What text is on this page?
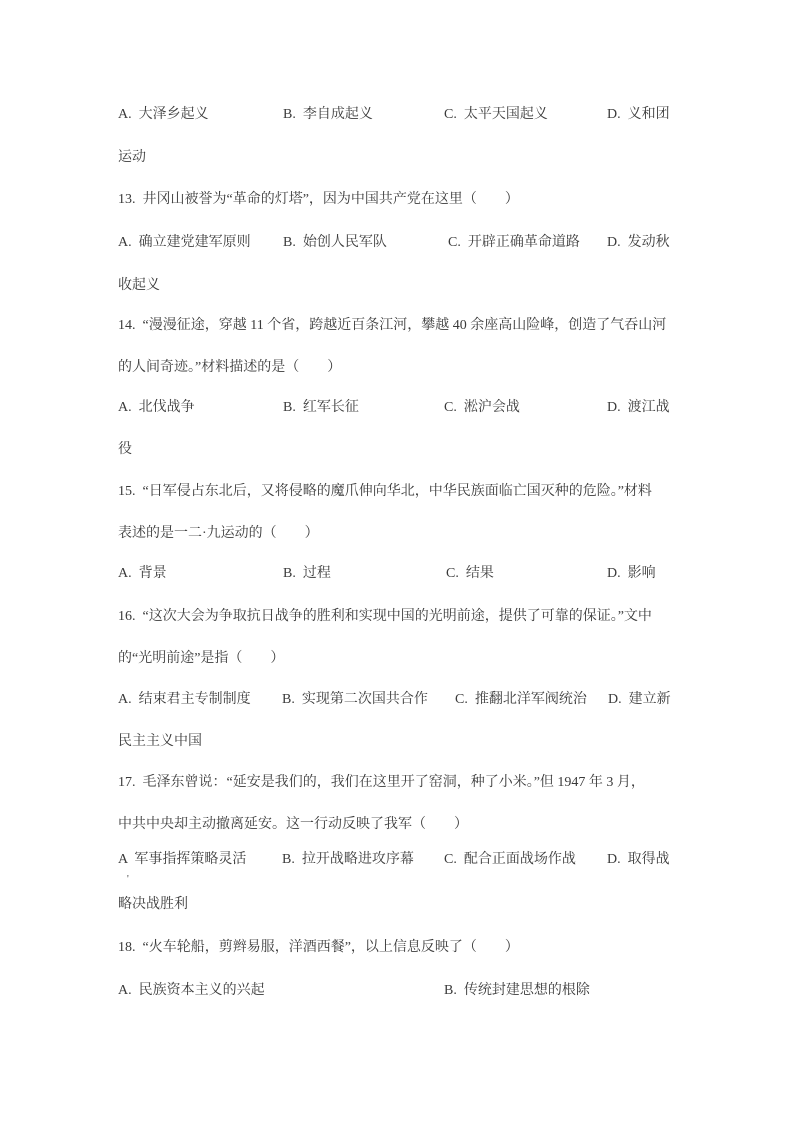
A.  大泽乡起义	B.  李自成起义	C.  太平天国起义	D.  义和团
运动
13.  井冈山被誉为“革命的灯塔”，因为中国共产党在这里（　　）
A.  确立建党建军原则 B.  始创人民军队	C.  开辟正确革命道路 D.  发动秋
收起义
14.  “漫漫征途，穿越 11 个省，跨越近百条江河，攀越 40 余座高山险峰，创造了气吞山河
的人间奇迹。”材料描述的是（　　）
A.  北伐战争	B.  红军长征	C.  淞沪会战	D.  渡江战
役
15.  “日军侵占东北后，又将侵略的魔爪伸向华北，中华民族面临亡国灭种的危险。”材料
表述的是一二·九运动的（　　）
A.  背景	B.  过程	C.  结果	D.  影响
16.  “这次大会为争取抗日战争的胜利和实现中国的光明前途，提供了可靠的保证。”文中
的“光明前途”是指（　　）
A.  结束君主专制制度 B.  实现第二次国共合作 C.  推翻北洋军阀统治 D.  建立新
民主主义中国
17.  毛泽东曾说：“延安是我们的，我们在这里开了窑洞，种了小米。”但 1947 年 3 月，
中共中央却主动撤离延安。这一行动反映了我军（　　）
A  军事指挥策略灵活	B.  拉开战略进攻序幕 C.  配合正面战场作战 D.  取得战
'
略决战胜利
18.  “火车轮船，剪辫易服，洋酒西餐”，以上信息反映了（　　）
A.  民族资本主义的兴起	B.  传统封建思想的根除
